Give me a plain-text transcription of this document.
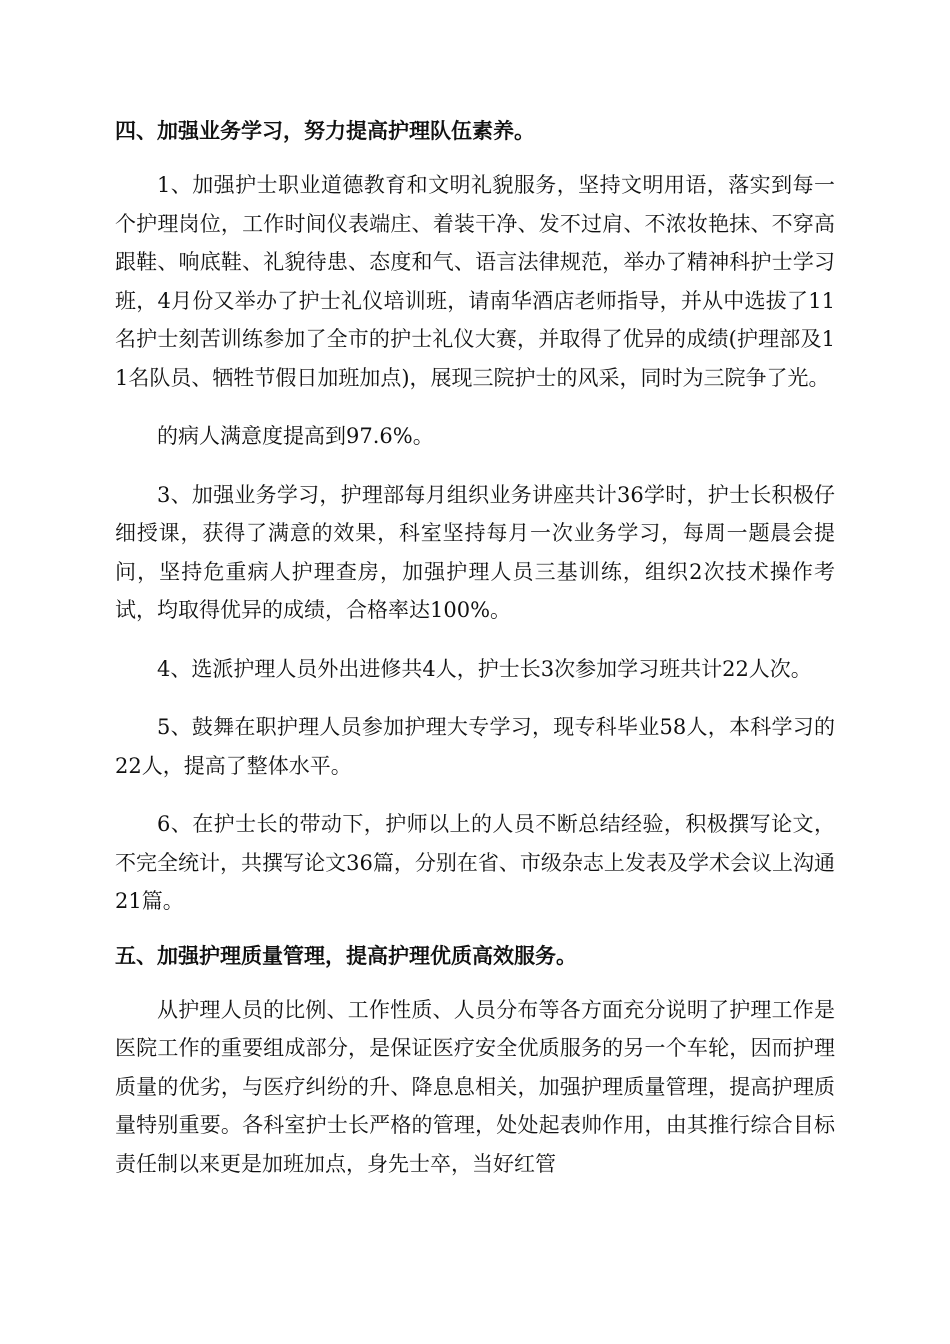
四、加强业务学习，努力提高护理队伍素养。

1、加强护士职业道德教育和文明礼貌服务，坚持文明用语，落实到每一个护理岗位，工作时间仪表端庄、着装干净、发不过肩、不浓妆艳抹、不穿高跟鞋、响底鞋、礼貌待患、态度和气、语言法律规范，举办了精神科护士学习班，4月份又举办了护士礼仪培训班，请南华酒店老师指导，并从中选拔了11名护士刻苦训练参加了全市的护士礼仪大赛，并取得了优异的成绩(护理部及11名队员、牺牲节假日加班加点)，展现三院护士的风采，同时为三院争了光。

的病人满意度提高到97.6%。

3、加强业务学习，护理部每月组织业务讲座共计36学时，护士长积极仔细授课，获得了满意的效果，科室坚持每月一次业务学习，每周一题晨会提问，坚持危重病人护理查房，加强护理人员三基训练，组织2次技术操作考试，均取得优异的成绩，合格率达100%。

4、选派护理人员外出进修共4人，护士长3次参加学习班共计22人次。

5、鼓舞在职护理人员参加护理大专学习，现专科毕业58人，本科学习的22人，提高了整体水平。

6、在护士长的带动下，护师以上的人员不断总结经验，积极撰写论文，不完全统计，共撰写论文36篇，分别在省、市级杂志上发表及学术会议上沟通21篇。

五、加强护理质量管理，提高护理优质高效服务。

从护理人员的比例、工作性质、人员分布等各方面充分说明了护理工作是医院工作的重要组成部分，是保证医疗安全优质服务的另一个车轮，因而护理质量的优劣，与医疗纠纷的升、降息息相关，加强护理质量管理，提高护理质量特别重要。各科室护士长严格的管理，处处起表帅作用，由其推行综合目标责任制以来更是加班加点，身先士卒，当好红管
